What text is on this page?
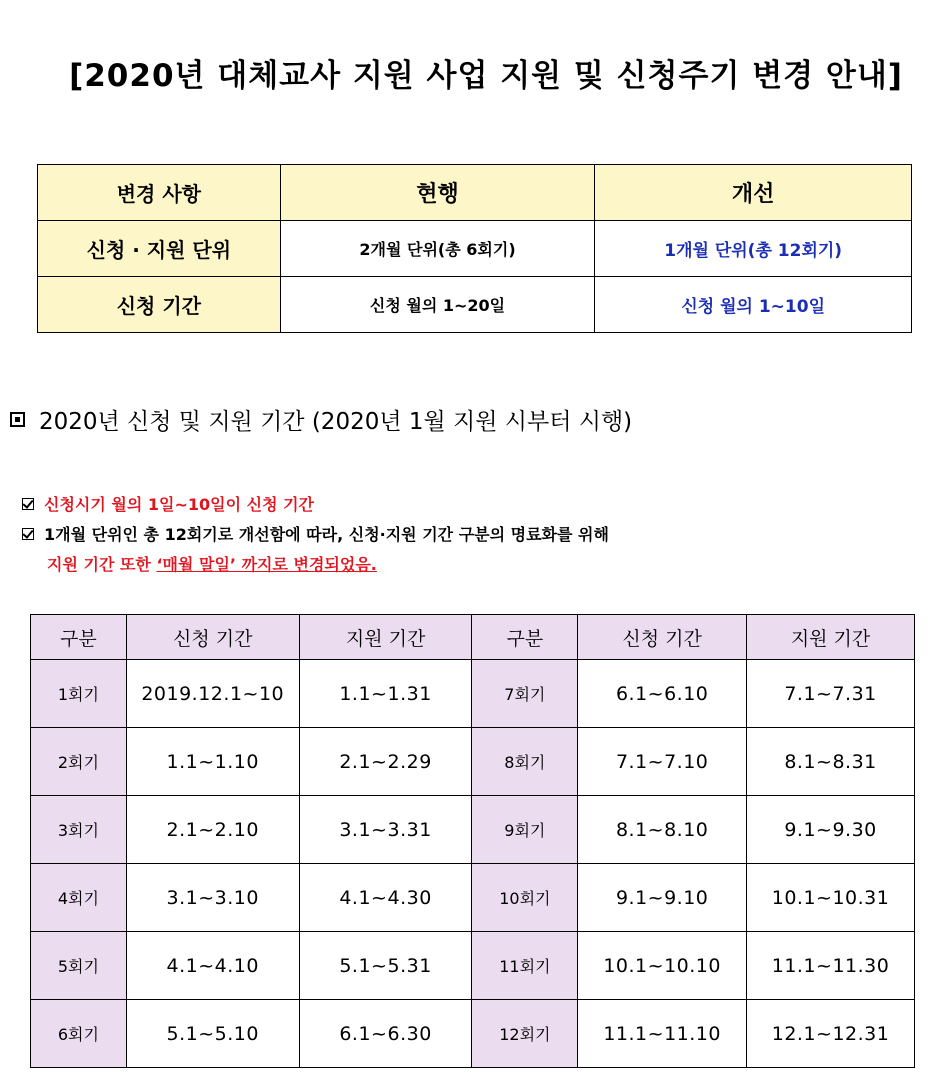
[2020년 대체교사 지원 사업 지원 및 신청주기 변경 안내]
변경 사항	현행	개선
신청 · 지원 단위	2개월 단위(총 6회기)	1개월 단위(총 12회기)
신청 기간	신청 월의 1~20일	신청 월의 1~10일
2020년 신청 및 지원 기간 (2020년 1월 지원 시부터 시행)
신청시기 월의 1일~10일이 신청 기간
1개월 단위인 총 12회기로 개선함에 따라, 신청·지원 기간 구분의 명료화를 위해
지원 기간 또한 ‘매월 말일’ 까지로 변경되었음.
구분	신청 기간	지원 기간	구분	신청 기간	지원 기간
1회기	2019.12.1~10	1.1~1.31	7회기	6.1~6.10	7.1~7.31
2회기	1.1~1.10	2.1~2.29	8회기	7.1~7.10	8.1~8.31
3회기	2.1~2.10	3.1~3.31	9회기	8.1~8.10	9.1~9.30
4회기	3.1~3.10	4.1~4.30	10회기	9.1~9.10	10.1~10.31
5회기	4.1~4.10	5.1~5.31	11회기	10.1~10.10	11.1~11.30
6회기	5.1~5.10	6.1~6.30	12회기	11.1~11.10	12.1~12.31
